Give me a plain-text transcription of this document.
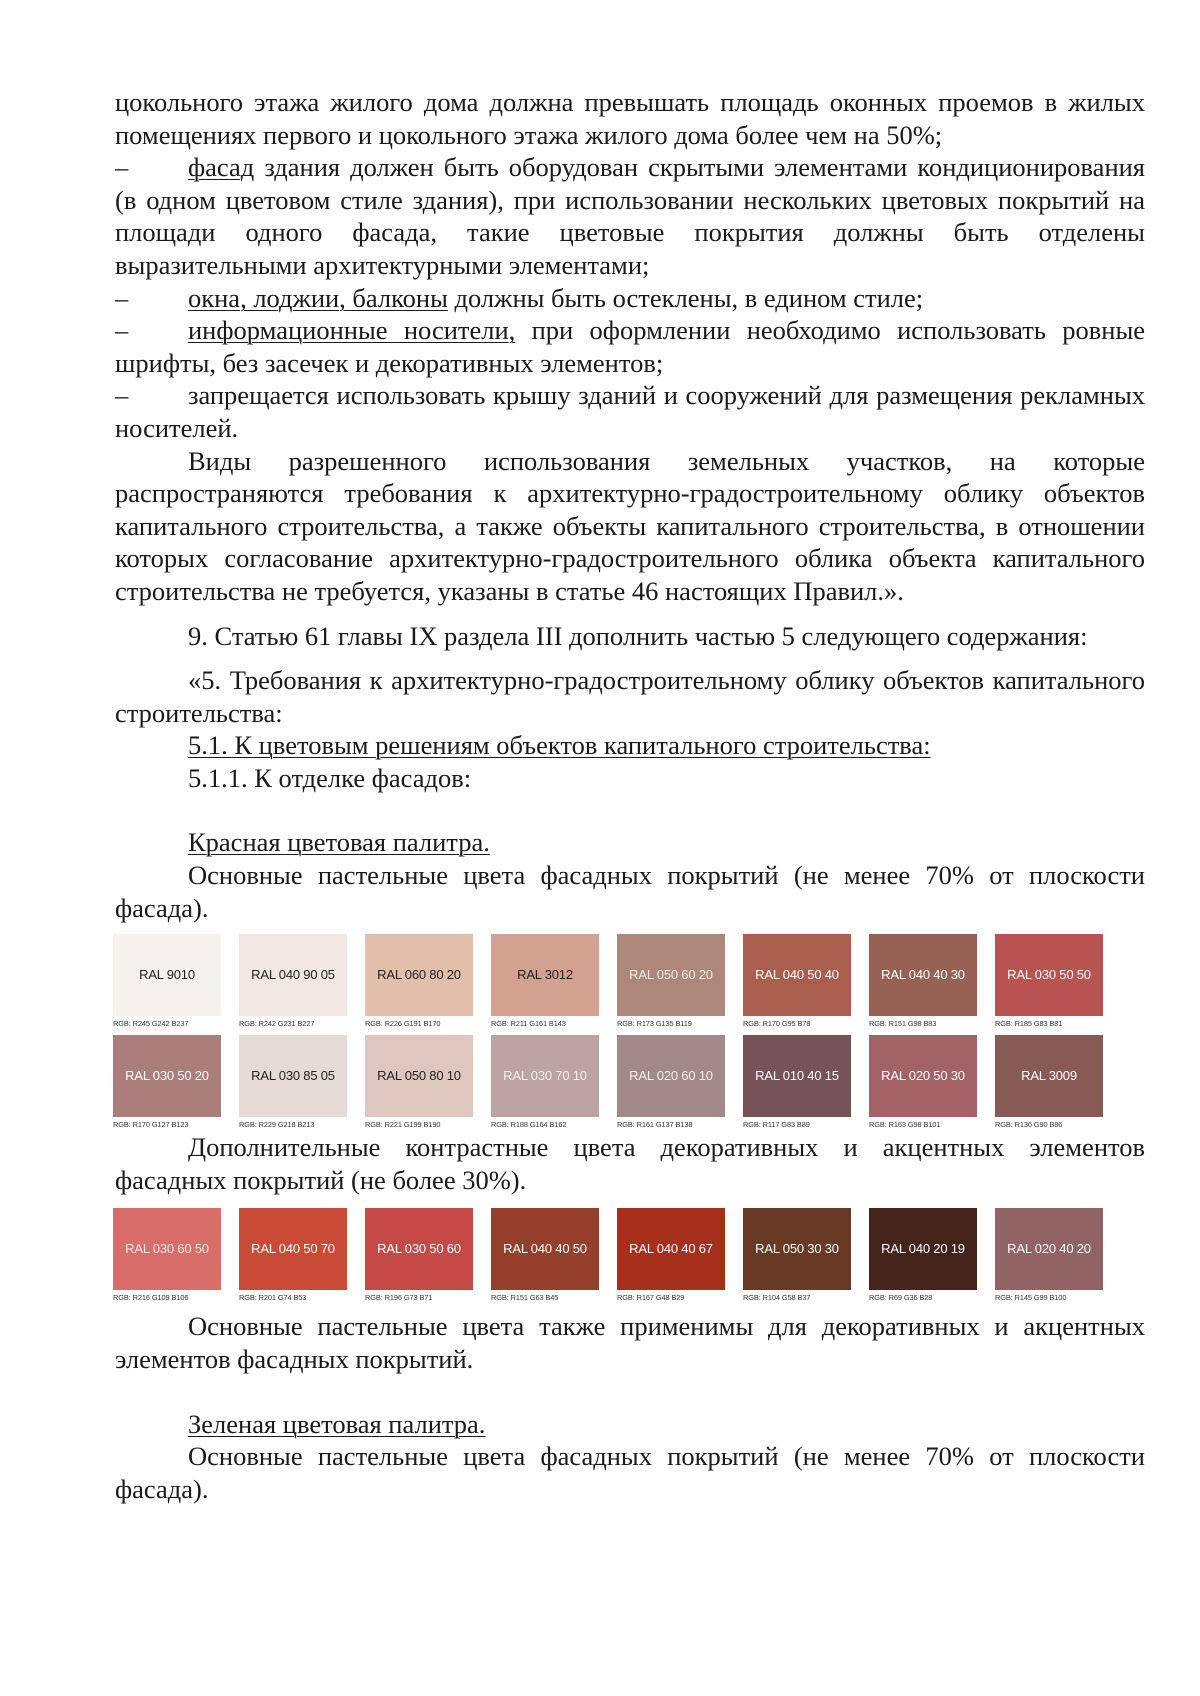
цокольного этажа жилого дома должна превышать площадь оконных проемов в жилых помещениях первого и цокольного этажа жилого дома более чем на 50%;

– фасад здания должен быть оборудован скрытыми элементами кондиционирования (в одном цветовом стиле здания), при использовании нескольких цветовых покрытий на площади одного фасада, такие цветовые покрытия должны быть отделены выразительными архитектурными элементами;

– окна, лоджии, балконы должны быть остеклены, в едином стиле;

– информационные носители, при оформлении необходимо использовать ровные шрифты, без засечек и декоративных элементов;

– запрещается использовать крышу зданий и сооружений для размещения рекламных носителей.

Виды разрешенного использования земельных участков, на которые распространяются требования к архитектурно-градостроительному облику объектов капитального строительства, а также объекты капитального строительства, в отношении которых согласование архитектурно-градостроительного облика объекта капитального строительства не требуется, указаны в статье 46 настоящих Правил.».

9. Статью 61 главы IX раздела III дополнить частью 5 следующего содержания:

«5. Требования к архитектурно-градостроительному облику объектов капитального строительства:

5.1. К цветовым решениям объектов капитального строительства:

5.1.1. К отделке фасадов:

Красная цветовая палитра.

Основные пастельные цвета фасадных покрытий (не менее 70% от плоскости фасада).

RAL 9010
RGB: R245 G242 B237
RAL 040 90 05
RGB: R242 G231 B227
RAL 060 80 20
RGB: R226 G191 B170
RAL 3012
RGB: R211 G161 B143
RAL 050 60 20
RGB: R173 G135 B119
RAL 040 50 40
RGB: R170 G95 B78
RAL 040 40 30
RGB: R151 G98 B83
RAL 030 50 50
RGB: R185 G83 B81
RAL 030 50 20
RGB: R170 G127 B123
RAL 030 85 05
RGB: R229 G218 B213
RAL 050 80 10
RGB: R221 G199 B190
RAL 030 70 10
RGB: R188 G164 B162
RAL 020 60 10
RGB: R161 G137 B138
RAL 010 40 15
RGB: R117 G83 B89
RAL 020 50 30
RGB: R163 G98 B101
RAL 3009
RGB: R136 G90 B86

Дополнительные контрастные цвета декоративных и акцентных элементов фасадных покрытий (не более 30%).

RAL 030 60 50
RGB: R216 G109 B106
RAL 040 50 70
RGB: R201 G74 B53
RAL 030 50 60
RGB: R196 G73 B71
RAL 040 40 50
RGB: R151 G63 B45
RAL 040 40 67
RGB: R167 G48 B29
RAL 050 30 30
RGB: R104 G58 B37
RAL 040 20 19
RGB: R69 G36 B28
RAL 020 40 20
RGB: R145 G99 B100

Основные пастельные цвета также применимы для декоративных и акцентных элементов фасадных покрытий.

Зеленая цветовая палитра.

Основные пастельные цвета фасадных покрытий (не менее 70% от плоскости фасада).
